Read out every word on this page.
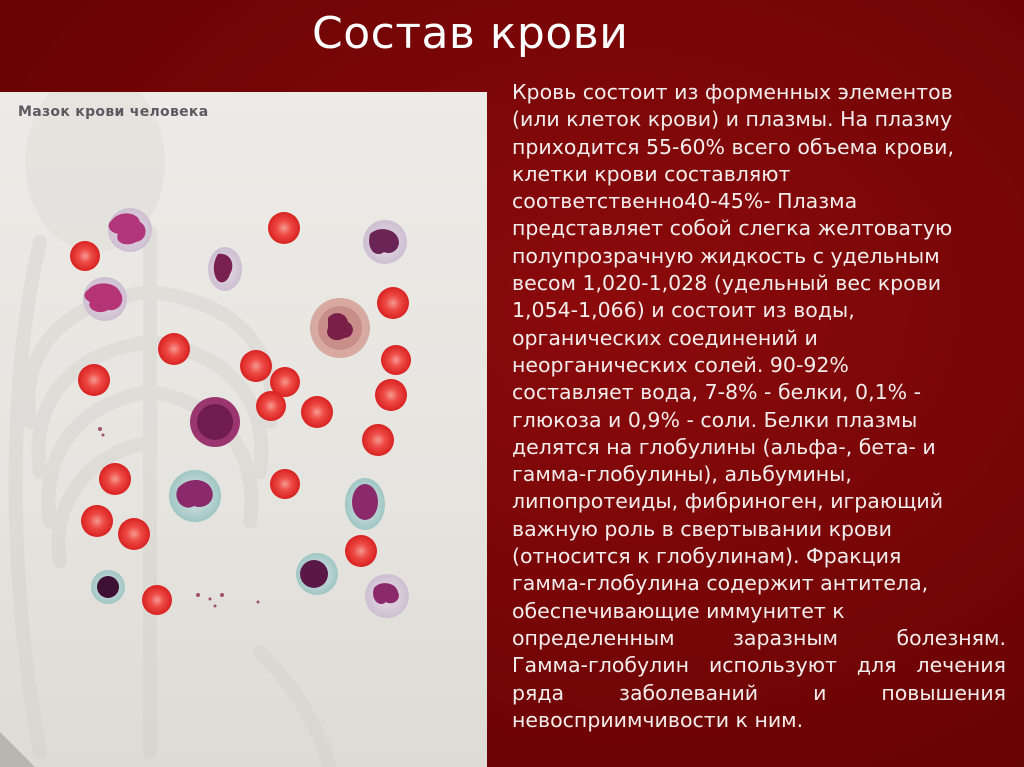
Состав крови
Мазок крови человека
Кровь состоит из форменных элементов
(или клеток крови) и плазмы. На плазму
приходится 55-60% всего объема крови,
клетки крови составляют
соответственно40-45%- Плазма
представляет собой слегка желтоватую
полупрозрачную жидкость с удельным
весом 1,020-1,028 (удельный вес крови
1,054-1,066) и состоит из воды,
органических соединений и
неорганических солей. 90-92%
составляет вода, 7-8% - белки, 0,1% -
глюкоза и 0,9% - соли. Белки плазмы
делятся на глобулины (альфа-, бета- и
гамма-глобулины), альбумины,
липопротеиды, фибриноген, играющий
важную роль в свертывании крови
(относится к глобулинам). Фракция
гамма-глобулина содержит антитела,
обеспечивающие иммунитет к
определенным	заразным	болезням.
Гамма-глобулин используют для лечения
ряда	заболеваний	и	повышения
невосприимчивости к ним.
